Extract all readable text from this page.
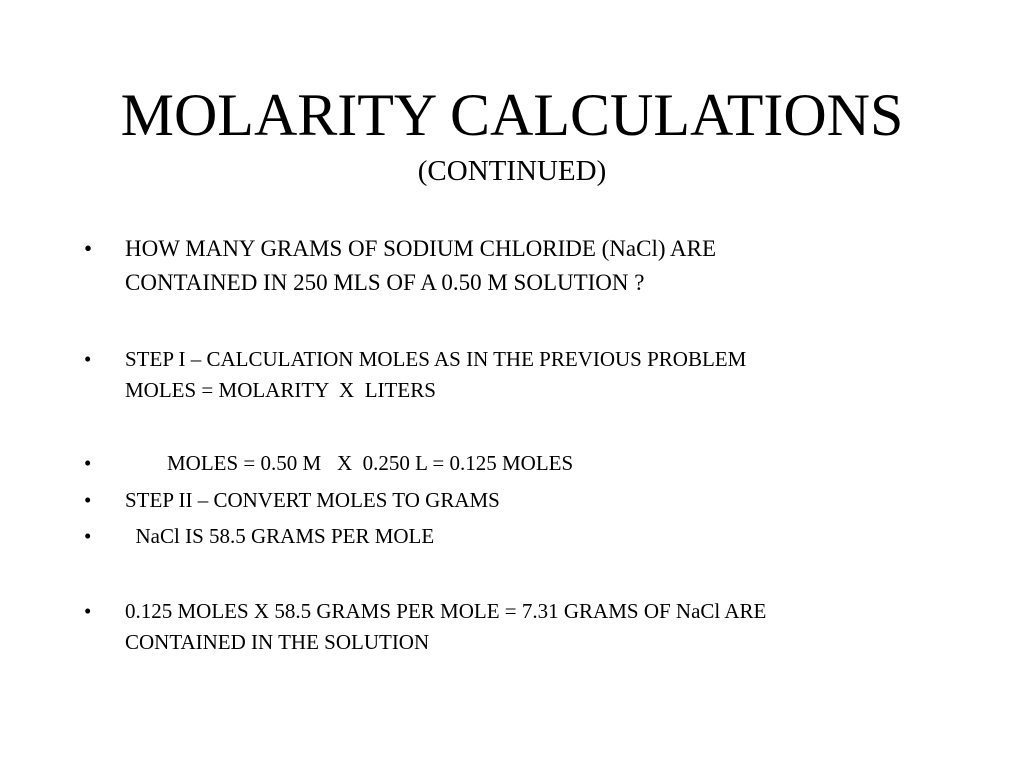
MOLARITY CALCULATIONS
(CONTINUED)
• HOW MANY GRAMS OF SODIUM CHLORIDE (NaCl) ARE
CONTAINED IN 250 MLS OF A 0.50 M SOLUTION ?
• STEP I – CALCULATION MOLES AS IN THE PREVIOUS PROBLEM
MOLES = MOLARITY  X  LITERS
• MOLES = 0.50 M   X  0.250 L = 0.125 MOLES
• STEP II – CONVERT MOLES TO GRAMS
• NaCl IS 58.5 GRAMS PER MOLE
• 0.125 MOLES X 58.5 GRAMS PER MOLE = 7.31 GRAMS OF NaCl ARE
CONTAINED IN THE SOLUTION
